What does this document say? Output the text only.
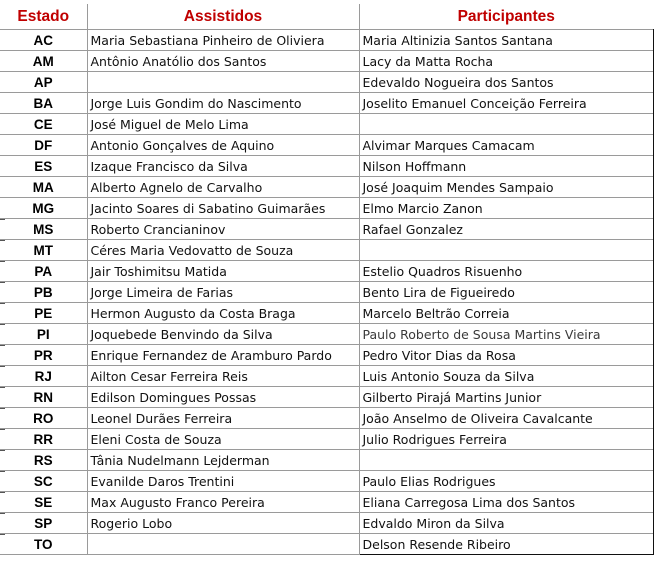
Estado	Assistidos	Participantes
AC	Maria Sebastiana Pinheiro de Oliviera	Maria Altinizia Santos Santana
AM	Antônio Anatólio dos Santos	Lacy da Matta Rocha
AP		Edevaldo Nogueira dos Santos
BA	Jorge Luis Gondim do Nascimento	Joselito Emanuel Conceição Ferreira
CE	José Miguel de Melo Lima	
DF	Antonio Gonçalves de Aquino	Alvimar Marques Camacam
ES	Izaque Francisco da Silva	Nilson Hoffmann
MA	Alberto Agnelo de Carvalho	José Joaquim Mendes Sampaio
MG	Jacinto Soares di Sabatino Guimarães	Elmo Marcio Zanon
MS	Roberto Crancianinov	Rafael Gonzalez
MT	Céres Maria Vedovatto de Souza	
PA	Jair Toshimitsu Matida	Estelio Quadros Risuenho
PB	Jorge Limeira de Farias	Bento Lira de Figueiredo
PE	Hermon Augusto da Costa Braga	Marcelo Beltrão Correia
PI	Joquebede Benvindo da Silva	Paulo Roberto de Sousa Martins Vieira
PR	Enrique Fernandez de Aramburo Pardo	Pedro Vitor Dias da Rosa
RJ	Ailton Cesar Ferreira Reis	Luis Antonio Souza da Silva
RN	Edilson Domingues Possas	Gilberto Pirajá Martins Junior
RO	Leonel Durães Ferreira	João Anselmo de Oliveira Cavalcante
RR	Eleni Costa de Souza	Julio Rodrigues Ferreira
RS	Tânia Nudelmann Lejderman	
SC	Evanilde Daros Trentini	Paulo Elias Rodrigues
SE	Max Augusto Franco Pereira	Eliana Carregosa Lima dos Santos
SP	Rogerio Lobo	Edvaldo Miron da Silva
TO		Delson Resende Ribeiro
